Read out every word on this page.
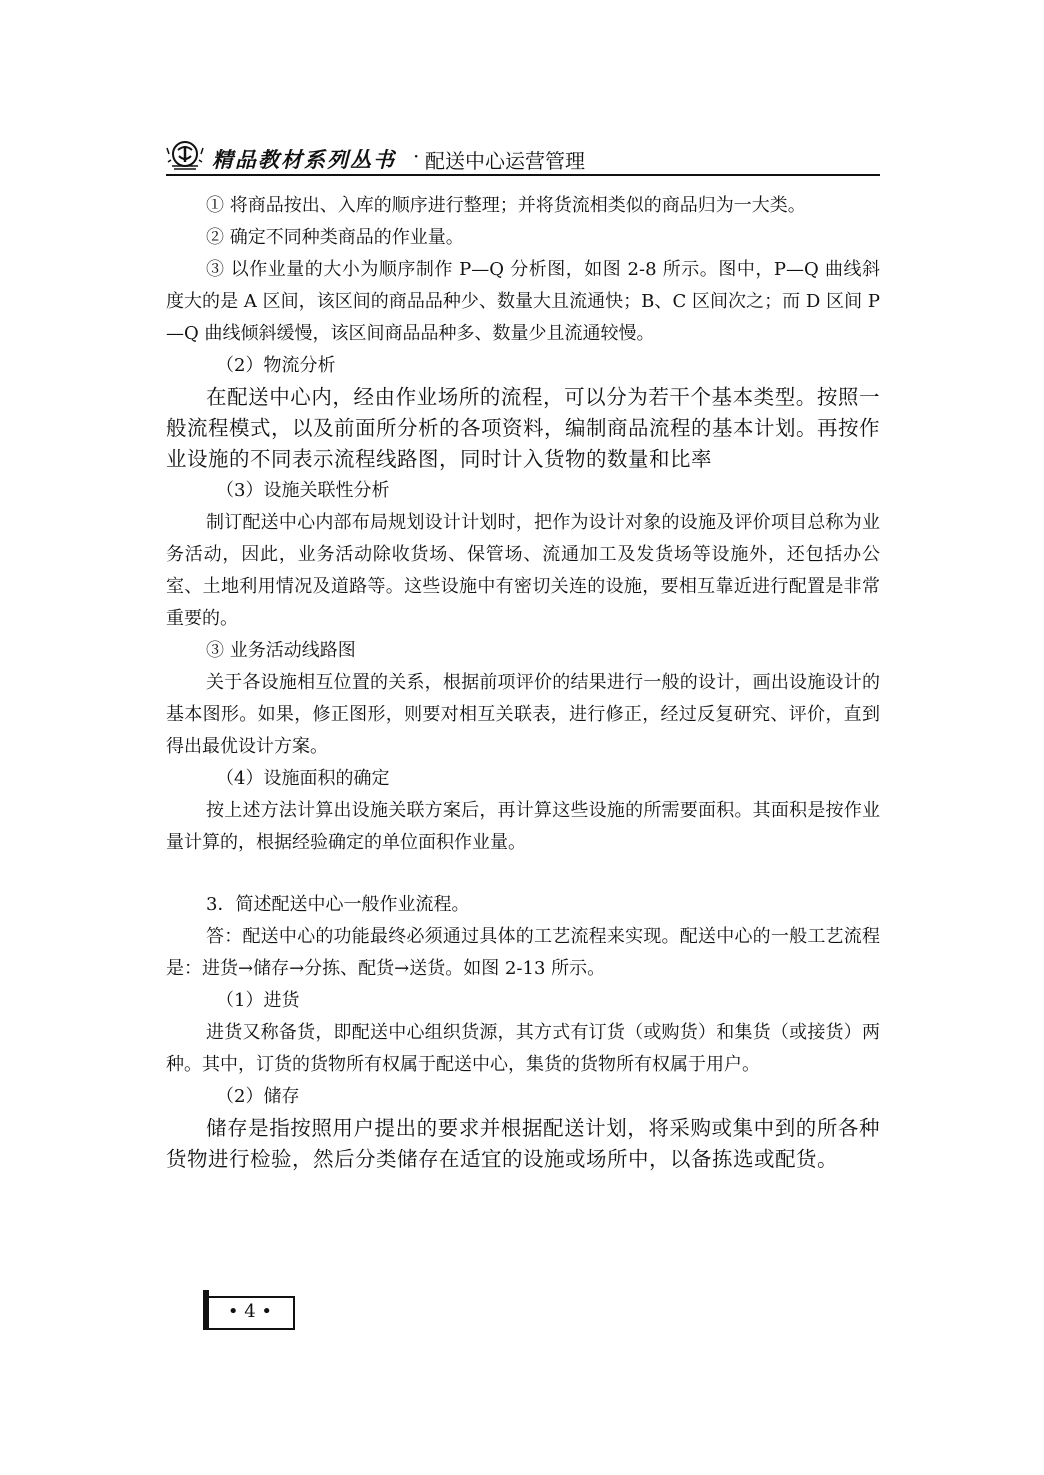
精品教材系列丛书 · 配送中心运营管理

① 将商品按出、入库的顺序进行整理；并将货流相类似的商品归为一大类。

② 确定不同种类商品的作业量。

③ 以作业量的大小为顺序制作 P—Q 分析图，如图 2-8 所示。图中，P—Q 曲线斜度大的是 A 区间，该区间的商品品种少、数量大且流通快；B、C 区间次之；而 D 区间 P—Q 曲线倾斜缓慢，该区间商品品种多、数量少且流通较慢。

（2）物流分析

在配送中心内，经由作业场所的流程，可以分为若干个基本类型。按照一般流程模式，以及前面所分析的各项资料，编制商品流程的基本计划。再按作业设施的不同表示流程线路图，同时计入货物的数量和比率

（3）设施关联性分析

制订配送中心内部布局规划设计计划时，把作为设计对象的设施及评价项目总称为业务活动，因此，业务活动除收货场、保管场、流通加工及发货场等设施外，还包括办公室、土地利用情况及道路等。这些设施中有密切关连的设施，要相互靠近进行配置是非常重要的。

③ 业务活动线路图

关于各设施相互位置的关系，根据前项评价的结果进行一般的设计，画出设施设计的基本图形。如果，修正图形，则要对相互关联表，进行修正，经过反复研究、评价，直到得出最优设计方案。

（4）设施面积的确定

按上述方法计算出设施关联方案后，再计算这些设施的所需要面积。其面积是按作业量计算的，根据经验确定的单位面积作业量。

3．简述配送中心一般作业流程。

答：配送中心的功能最终必须通过具体的工艺流程来实现。配送中心的一般工艺流程是：进货→储存→分拣、配货→送货。如图 2-13 所示。

（1）进货

进货又称备货，即配送中心组织货源，其方式有订货（或购货）和集货（或接货）两种。其中，订货的货物所有权属于配送中心，集货的货物所有权属于用户。

（2）储存

储存是指按照用户提出的要求并根据配送计划，将采购或集中到的所各种货物进行检验，然后分类储存在适宜的设施或场所中，以备拣选或配货。

• 4 •
